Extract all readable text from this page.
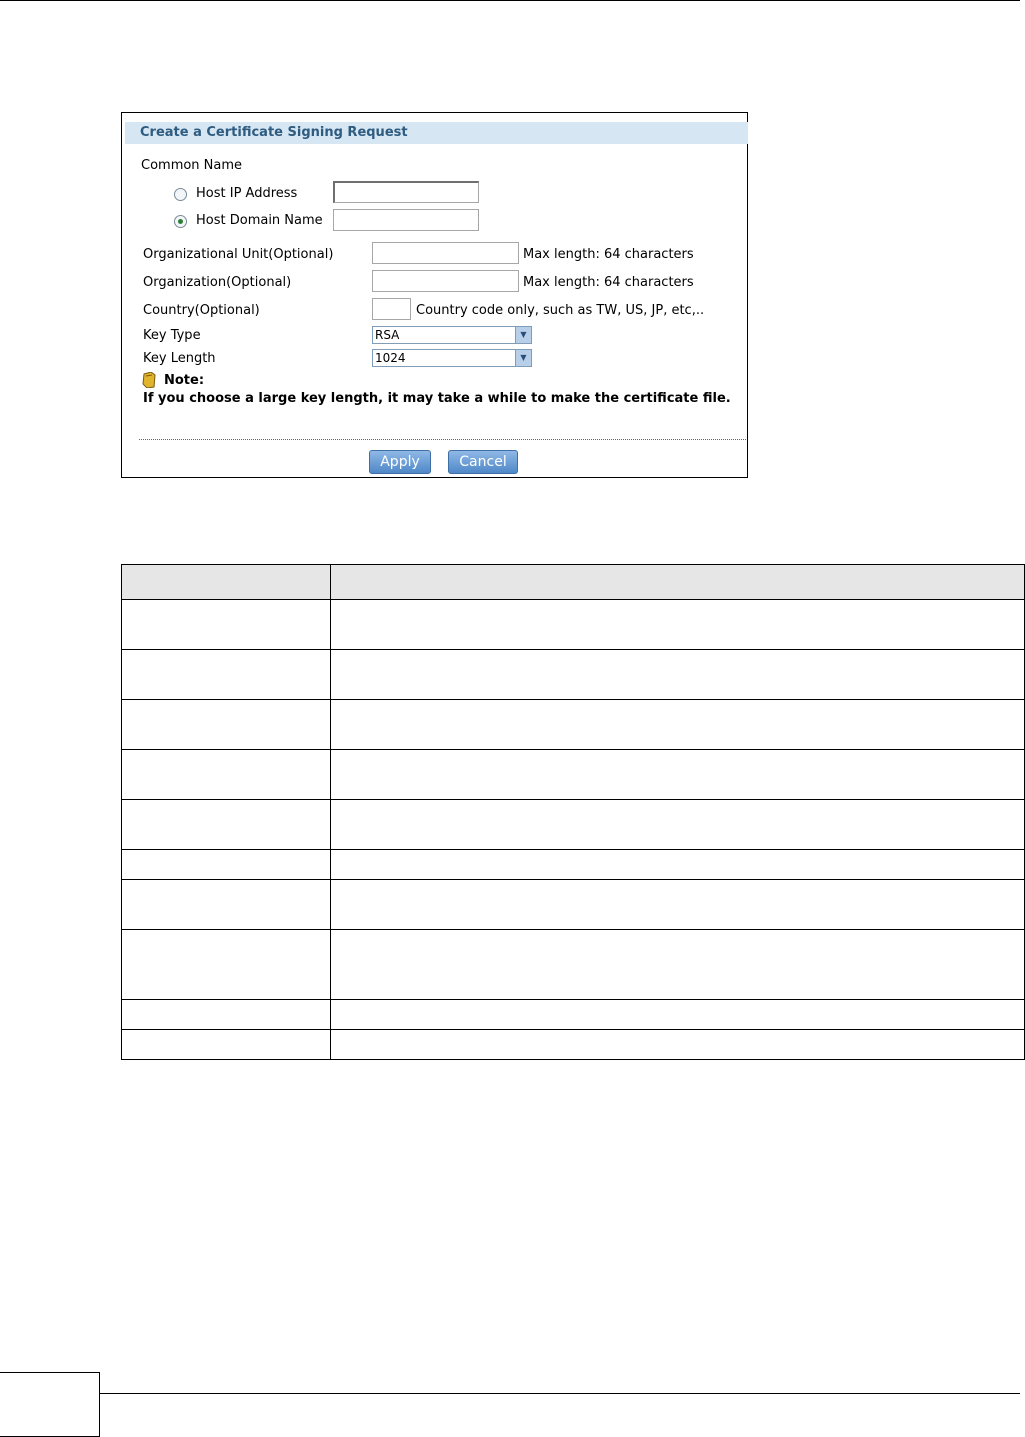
Create a Certificate Signing Request
Common Name
Host IP Address
Host Domain Name
Organizational Unit(Optional)	Max length: 64 characters
Organization(Optional)	Max length: 64 characters
Country(Optional)	Country code only, such as TW, US, JP, etc,..
Key Type	RSA	▼
Key Length	1024	▼
Note:
If you choose a large key length, it may take a while to make the certificate file.
Apply	Cancel
